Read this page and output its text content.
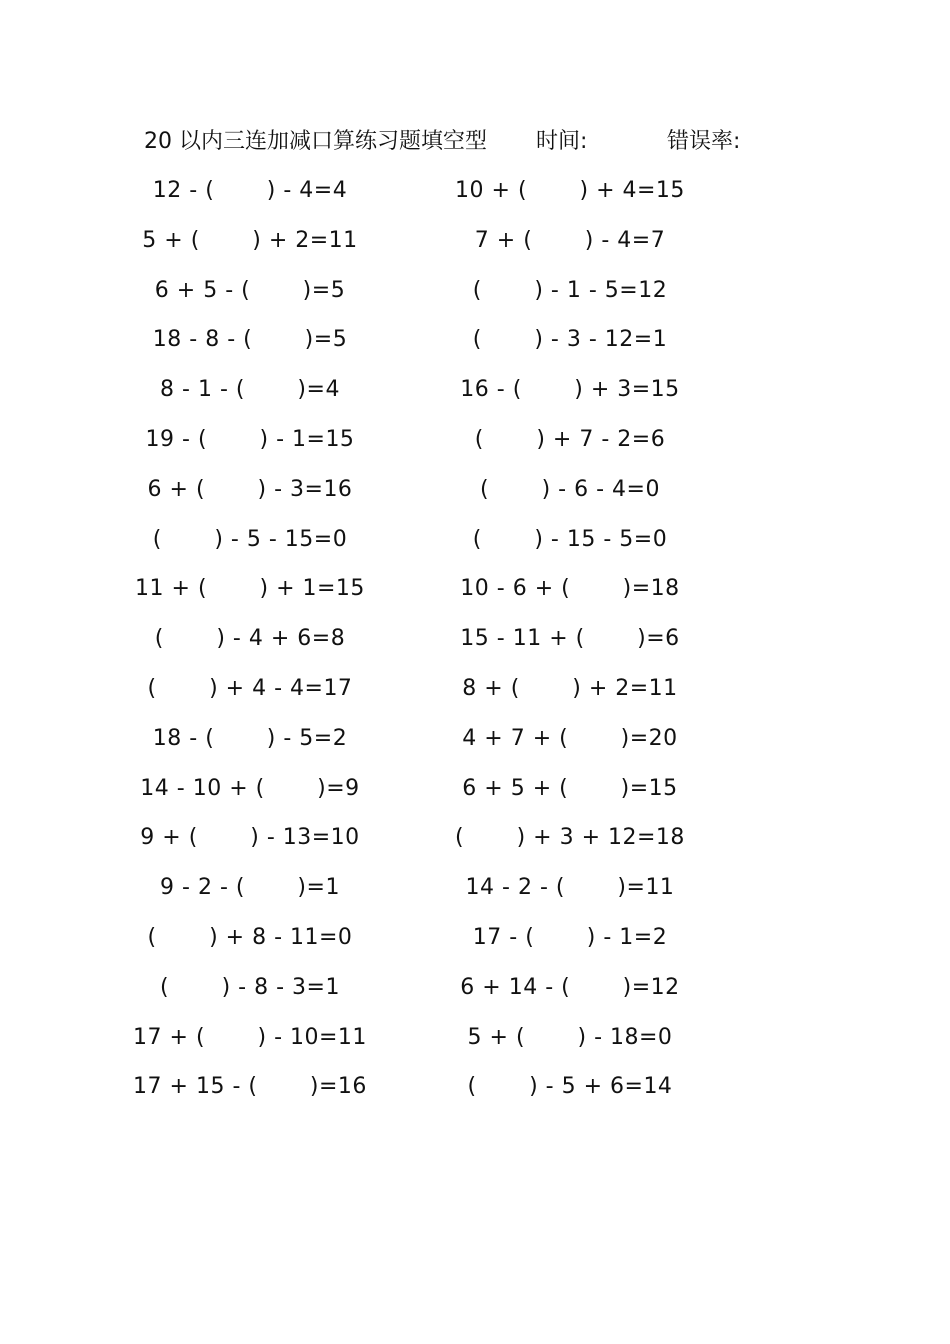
20 以内三连加减口算练习题填空型 时间:	错误率:
12 - (       ) - 4=4
5 + (       ) + 2=11
6 + 5 - (       )=5
18 - 8 - (       )=5
8 - 1 - (       )=4
19 - (       ) - 1=15
6 + (       ) - 3=16
(       ) - 5 - 15=0
11 + (       ) + 1=15
(       ) - 4 + 6=8
(       ) + 4 - 4=17
18 - (       ) - 5=2
14 - 10 + (       )=9
9 + (       ) - 13=10
9 - 2 - (       )=1
(       ) + 8 - 11=0
(       ) - 8 - 3=1
17 + (       ) - 10=11
17 + 15 - (       )=16
10 + (       ) + 4=15
7 + (       ) - 4=7
(       ) - 1 - 5=12
(       ) - 3 - 12=1
16 - (       ) + 3=15
(       ) + 7 - 2=6
(       ) - 6 - 4=0
(       ) - 15 - 5=0
10 - 6 + (       )=18
15 - 11 + (       )=6
8 + (       ) + 2=11
4 + 7 + (       )=20
6 + 5 + (       )=15
(       ) + 3 + 12=18
14 - 2 - (       )=11
17 - (       ) - 1=2
6 + 14 - (       )=12
5 + (       ) - 18=0
(       ) - 5 + 6=14
